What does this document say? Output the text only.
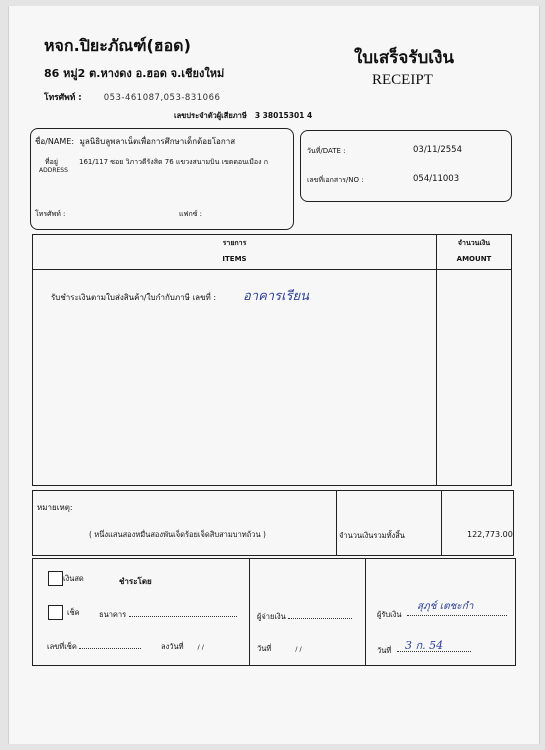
หจก.ปิยะภัณฑ์(ฮอด)
86 หมู่2 ต.หางดง อ.ฮอด จ.เชียงใหม่
โทรศัพท์ :	053-461087,053-831066
เลขประจำตัวผู้เสียภาษี 3 38015301 4
ใบเสร็จรับเงิน
RECEIPT
ชื่อ/NAME: มูลนิธิบลูพลาเน็ตเพื่อการศึกษาเด็กด้อยโอกาส
ที่อยู่
ADDRESS
161/117 ซอย วิภาวดีรังสิต 76 แขวงสนามบิน เขตดอนเมือง ก
โทรศัพท์ :	แฟกซ์ :
วันที่/DATE :	03/11/2554
เลขที่เอกสาร/NO :	054/11003
รายการ
ITEMS
จำนวนเงิน
AMOUNT
รับชำระเงินตามใบส่งสินค้า/ใบกำกับภาษี เลขที่ : อาคารเรียน
หมายเหตุ:
( หนึ่งแสนสองหมื่นสองพันเจ็ดร้อยเจ็ดสิบสามบาทถ้วน )	จำนวนเงินรวมทั้งสิ้น	122,773.00
เงินสด	ชำระโดย
เช็ค	ธนาคาร
เลขที่เช็ค	ลงวันที่ / /
ผู้จ่ายเงิน
วันที่	/ /
ผู้รับเงิน
สุภุช์ เตชะกำ
วันที่ 3 ก. 54
